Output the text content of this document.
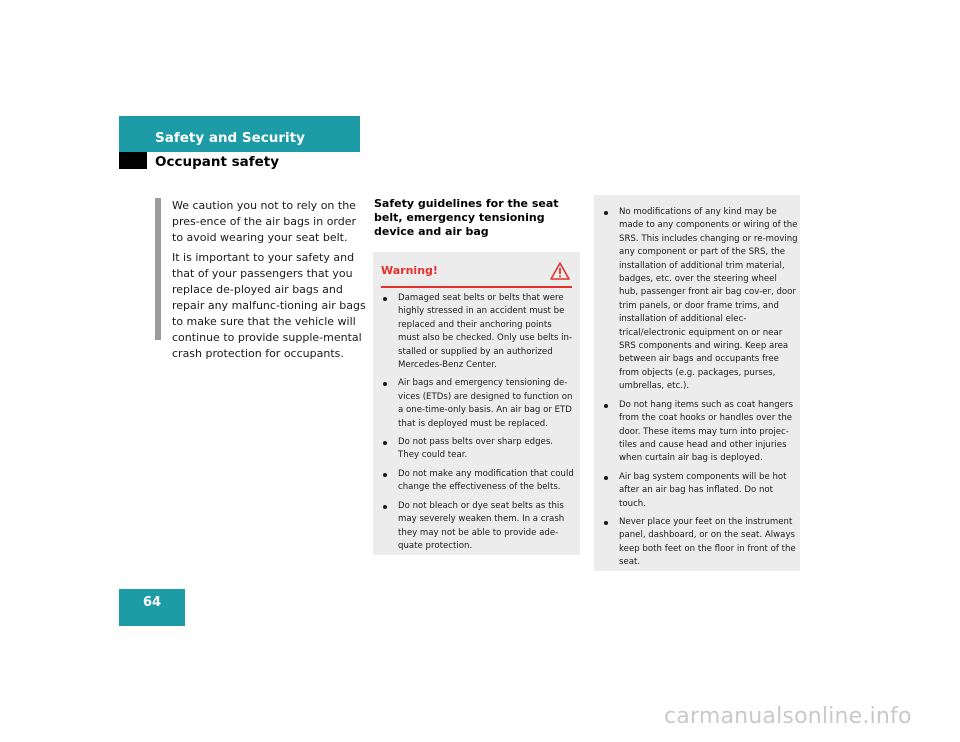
Safety and Security
Occupant safety

We caution you not to rely on the pres-ence of the air bags in order to avoid wearing your seat belt.

It is important to your safety and that of your passengers that you replace de-ployed air bags and repair any malfunc-tioning air bags to make sure that the vehicle will continue to provide supple-mental crash protection for occupants.

Safety guidelines for the seat belt, emergency tensioning device and air bag
Warning!
Damaged seat belts or belts that were highly stressed in an accident must be replaced and their anchoring points must also be checked. Only use belts in-stalled or supplied by an authorized Mercedes-Benz Center.
Air bags and emergency tensioning de-vices (ETDs) are designed to function on a one-time-only basis. An air bag or ETD that is deployed must be replaced.
Do not pass belts over sharp edges. They could tear.
Do not make any modification that could change the effectiveness of the belts.
Do not bleach or dye seat belts as this may severely weaken them. In a crash they may not be able to provide ade-quate protection.
No modifications of any kind may be made to any components or wiring of the SRS. This includes changing or re-moving any component or part of the SRS, the installation of additional trim material, badges, etc. over the steering wheel hub, passenger front air bag cov-er, door trim panels, or door frame trims, and installation of additional elec-trical/electronic equipment on or near SRS components and wiring. Keep area between air bags and occupants free from objects (e.g. packages, purses, umbrellas, etc.).
Do not hang items such as coat hangers from the coat hooks or handles over the door. These items may turn into projec-tiles and cause head and other injuries when curtain air bag is deployed.
Air bag system components will be hot after an air bag has inflated. Do not touch.
Never place your feet on the instrument panel, dashboard, or on the seat. Always keep both feet on the floor in front of the seat.
64
carmanualsonline.info
